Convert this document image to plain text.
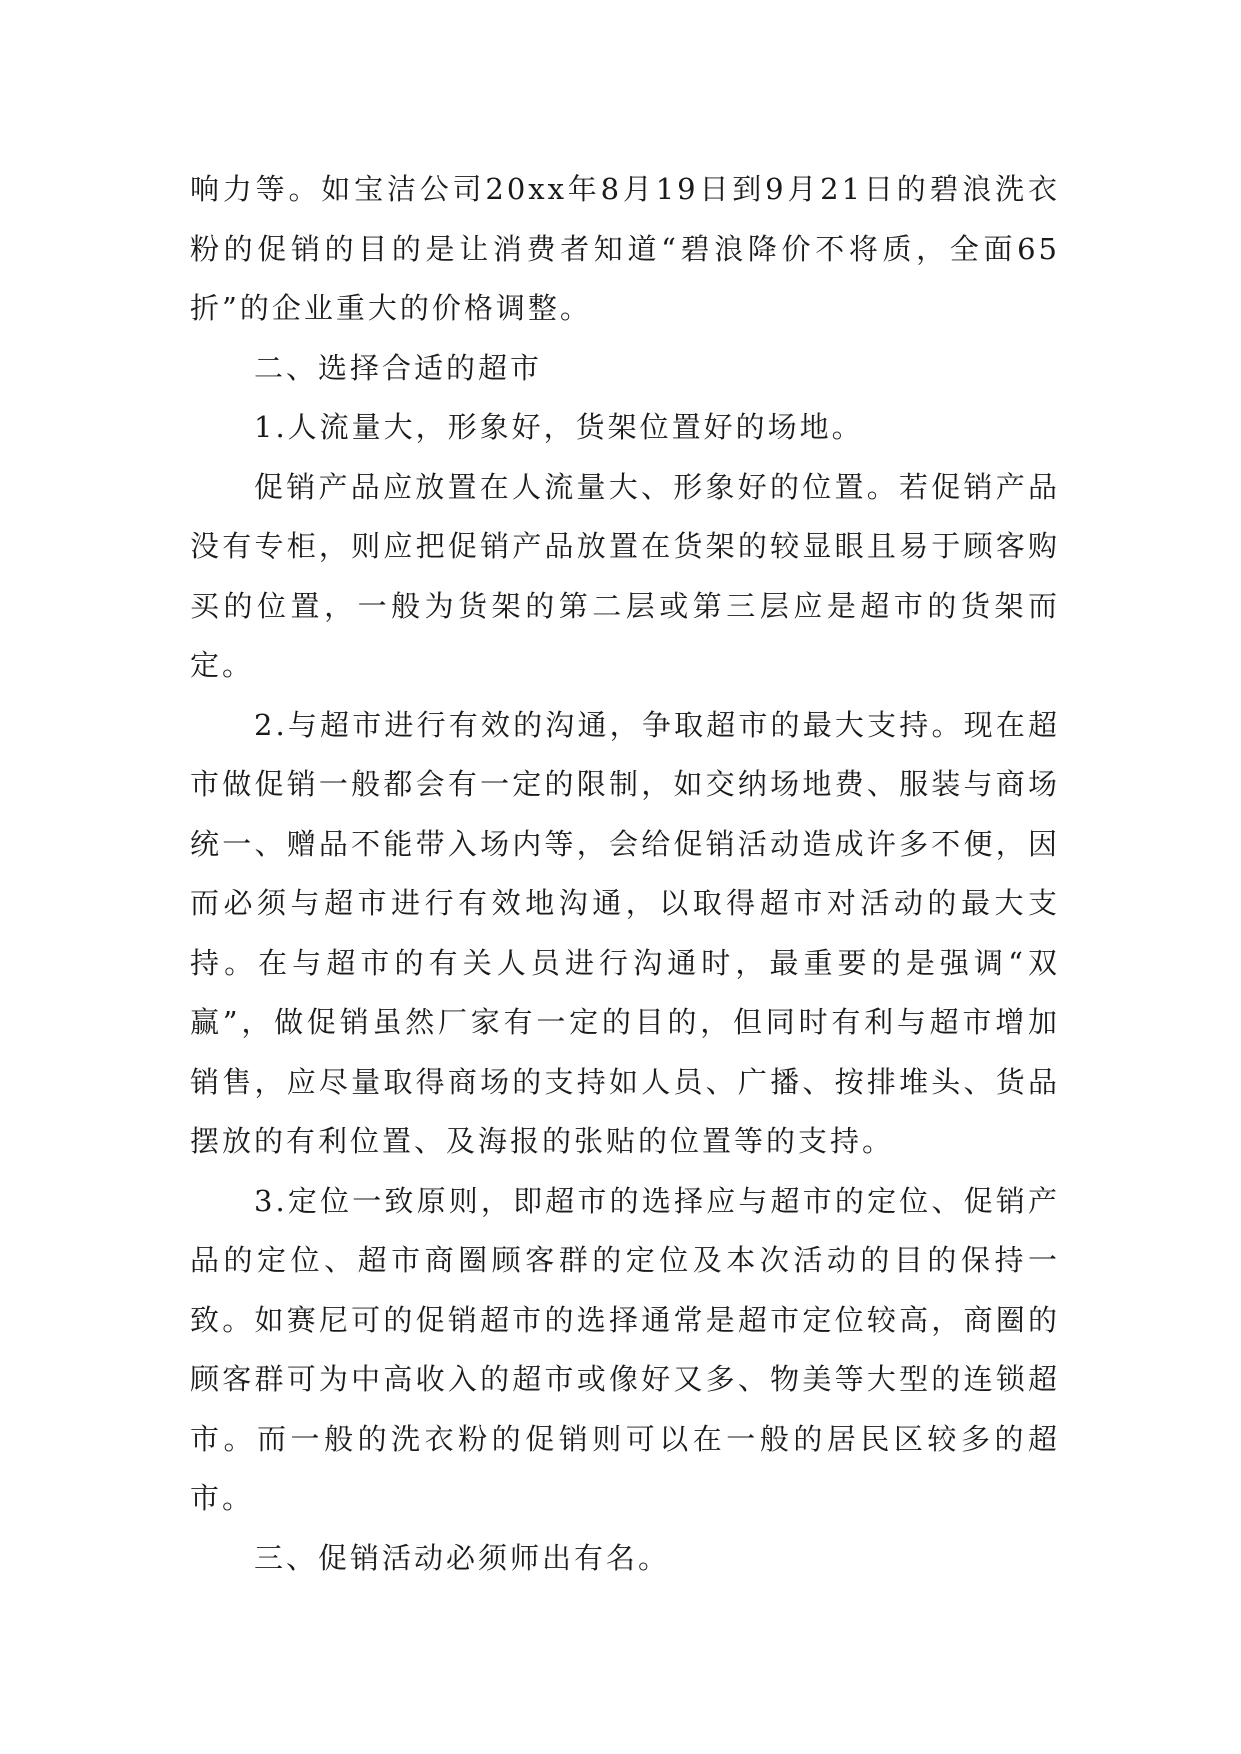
响力等。如宝洁公司20xx年8月19日到9月21日的碧浪洗衣粉的促销的目的是让消费者知道“碧浪降价不将质，全面65折”的企业重大的价格调整。

二、选择合适的超市

1.人流量大，形象好，货架位置好的场地。

促销产品应放置在人流量大、形象好的位置。若促销产品没有专柜，则应把促销产品放置在货架的较显眼且易于顾客购买的位置，一般为货架的第二层或第三层应是超市的货架而定。

2.与超市进行有效的沟通，争取超市的最大支持。现在超市做促销一般都会有一定的限制，如交纳场地费、服装与商场统一、赠品不能带入场内等，会给促销活动造成许多不便，因而必须与超市进行有效地沟通，以取得超市对活动的最大支持。在与超市的有关人员进行沟通时，最重要的是强调“双赢”，做促销虽然厂家有一定的目的，但同时有利与超市增加销售，应尽量取得商场的支持如人员、广播、按排堆头、货品摆放的有利位置、及海报的张贴的位置等的支持。

3.定位一致原则，即超市的选择应与超市的定位、促销产品的定位、超市商圈顾客群的定位及本次活动的目的保持一致。如赛尼可的促销超市的选择通常是超市定位较高，商圈的顾客群可为中高收入的超市或像好又多、物美等大型的连锁超市。而一般的洗衣粉的促销则可以在一般的居民区较多的超市。

三、促销活动必须师出有名。
